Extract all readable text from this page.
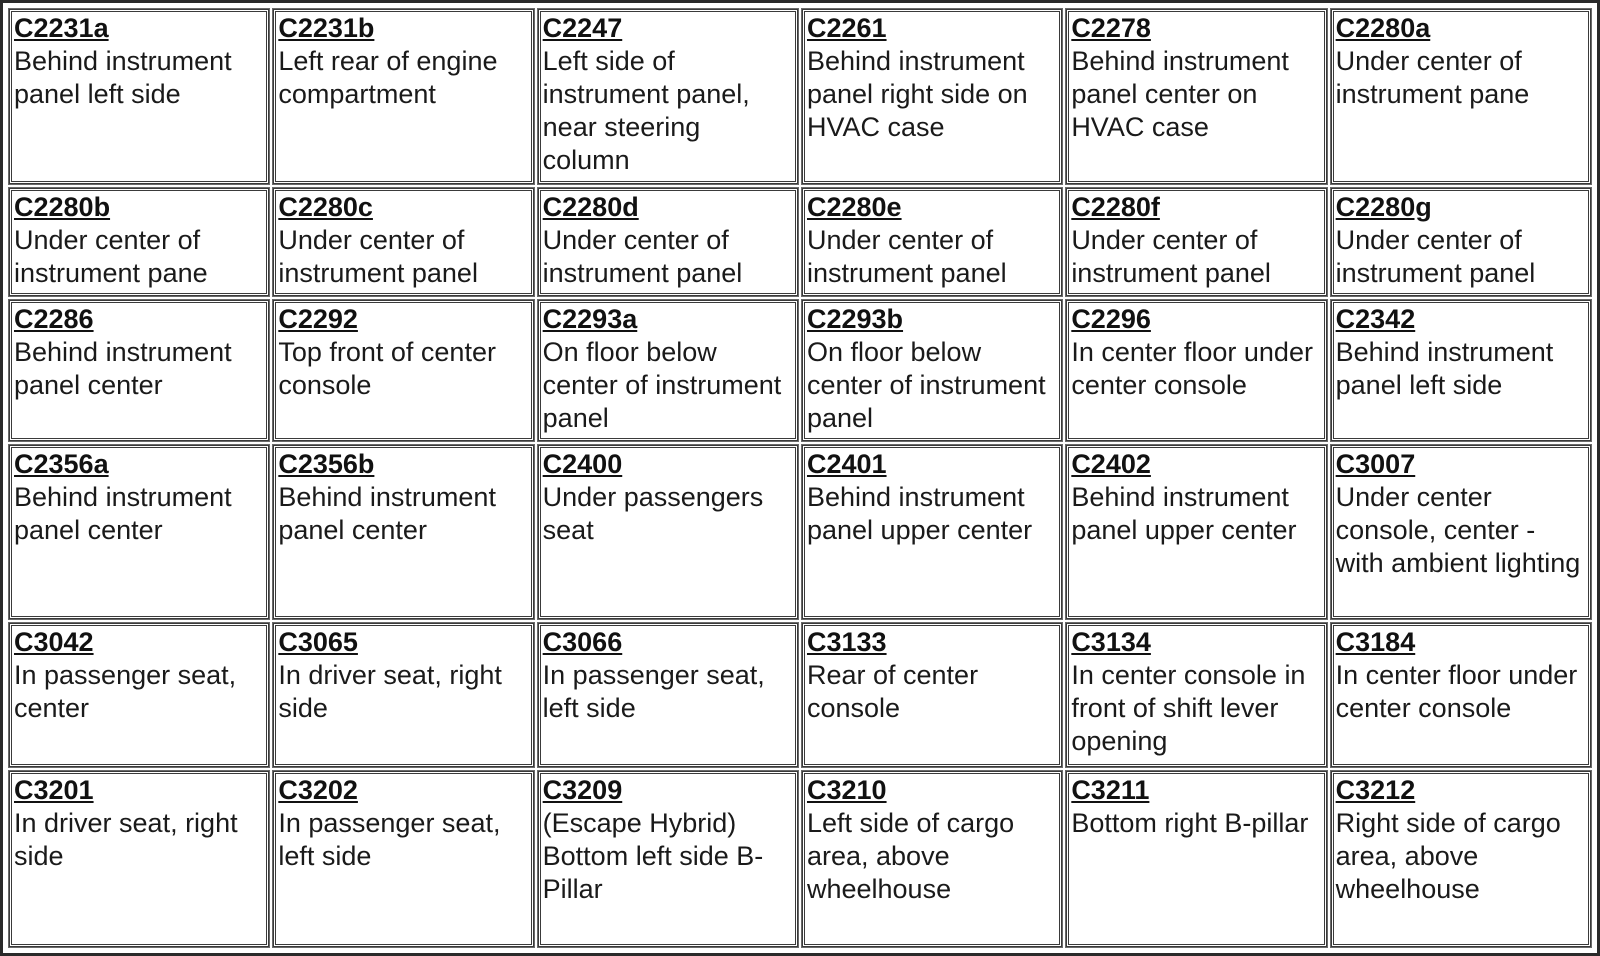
C2231a
Behind instrument panel left side	C2231b
Left rear of engine compartment	C2247
Left side of instrument panel, near steering column	C2261
Behind instrument panel right side on HVAC case	C2278
Behind instrument panel center on HVAC case	C2280a
Under center of instrument pane

C2280b
Under center of instrument pane	C2280c
Under center of instrument panel	C2280d
Under center of instrument panel	C2280e
Under center of instrument panel	C2280f
Under center of instrument panel	C2280g
Under center of instrument panel

C2286
Behind instrument panel center	C2292
Top front of center console	C2293a
On floor below center of instrument panel	C2293b
On floor below center of instrument panel	C2296
In center floor under center console	C2342
Behind instrument panel left side

C2356a
Behind instrument panel center	C2356b
Behind instrument panel center	C2400
Under passengers seat	C2401
Behind instrument panel upper center	C2402
Behind instrument panel upper center	C3007
Under center console, center - with ambient lighting

C3042
In passenger seat, center	C3065
In driver seat, right side	C3066
In passenger seat, left side	C3133
Rear of center console	C3134
In center console in front of shift lever opening	C3184
In center floor under center console

C3201
In driver seat, right side	C3202
In passenger seat, left side	C3209
(Escape Hybrid) Bottom left side B-Pillar	C3210
Left side of cargo area, above wheelhouse	C3211
Bottom right B-pillar	C3212
Right side of cargo area, above wheelhouse
